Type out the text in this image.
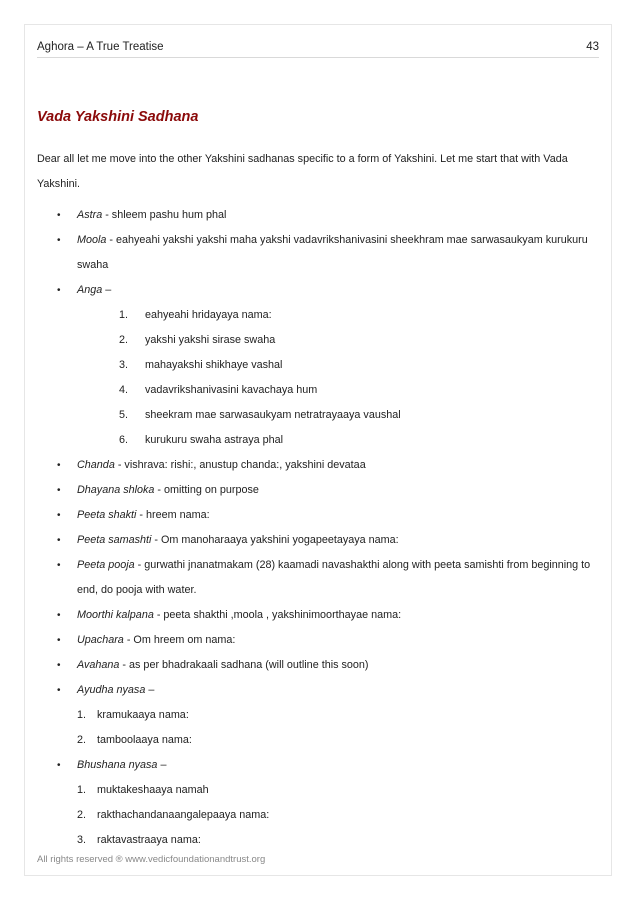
Aghora – A True Treatise	43
Vada Yakshini Sadhana

Dear all let me move into the other Yakshini sadhanas specific to a form of Yakshini. Let me start that with Vada Yakshini.

• Astra - shleem pashu hum phal
• Moola - eahyeahi yakshi yakshi maha yakshi vadavrikshanivasini sheekhram mae sarwasaukyam kurukuru swaha
• Anga –
1. eahyeahi hridayaya nama:
2. yakshi yakshi sirase swaha
3. mahayakshi shikhaye vashal
4. vadavrikshanivasini kavachaya hum
5. sheekram mae sarwasaukyam netratrayaaya vaushal
6. kurukuru swaha astraya phal
• Chanda - vishrava: rishi:, anustup chanda:, yakshini devataa
• Dhayana shloka - omitting on purpose
• Peeta shakti - hreem nama:
• Peeta samashti - Om manoharaaya yakshini yogapeetayaya nama:
• Peeta pooja - gurwathi jnanatmakam (28) kaamadi navashakthi along with peeta samishti from beginning to end, do pooja with water.
• Moorthi kalpana - peeta shakthi ,moola , yakshinimoorthayae nama:
• Upachara - Om hreem om nama:
• Avahana - as per bhadrakaali sadhana (will outline this soon)
• Ayudha nyasa –
1. kramukaaya nama:
2. tamboolaaya nama:
• Bhushana nyasa –
1. muktakeshaaya namah
2. rakthachandanaangalepaaya nama:
3. raktavastraaya nama:
All rights reserved ® www.vedicfoundationandtrust.org
